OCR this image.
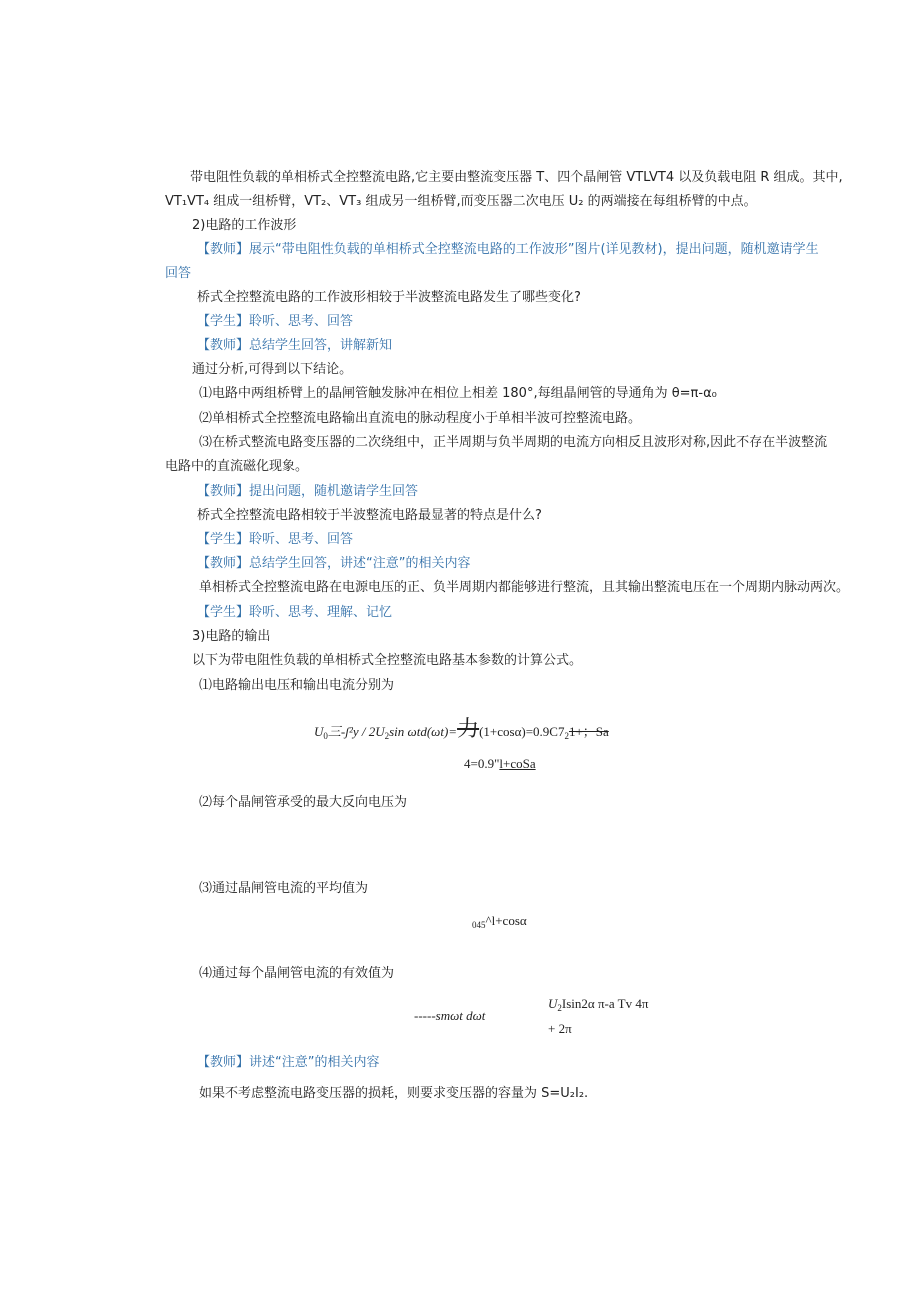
带电阻性负载的单相桥式全控整流电路,它主要由整流变压器 T、四个晶闸管 VTLVT4 以及负载电阻 R 组成。其中,
VT₁VT₄ 组成一组桥臂，VT₂、VT₃ 组成另一组桥臂,而变压器二次电压 U₂ 的两端接在每组桥臂的中点。
2)电路的工作波形
【教师】展示“带电阻性负载的单相桥式全控整流电路的工作波形”图片(详见教材)，提出问题，随机邀请学生
回答
桥式全控整流电路的工作波形相较于半波整流电路发生了哪些变化?
【学生】聆听、思考、回答
【教师】总结学生回答，讲解新知
通过分析,可得到以下结论。
⑴电路中两组桥臂上的晶闸管触发脉冲在相位上相差 180°,每组晶闸管的导通角为 θ=π-α₀
⑵单相桥式全控整流电路输出直流电的脉动程度小于单相半波可控整流电路。
⑶在桥式整流电路变压器的二次绕组中，正半周期与负半周期的电流方向相反且波形对称,因此不存在半波整流
电路中的直流磁化现象。
【教师】提出问题，随机邀请学生回答
桥式全控整流电路相较于半波整流电路最显著的特点是什么?
【学生】聆听、思考、回答
【教师】总结学生回答，讲述“注意”的相关内容
单相桥式全控整流电路在电源电压的正、负半周期内都能够进行整流，且其输出整流电压在一个周期内脉动两次。
【学生】聆听、思考、理解、记忆
3)电路的输出
以下为带电阻性负载的单相桥式全控整流电路基本参数的计算公式。
⑴电路输出电压和输出电流分别为
$U_0$三-ʃ²y / $2U_2\sin$ ωtd(ωt)=力$(1+\cos\alpha)=0.9C7_21+$；Sa
4=0.9"l+coSa
⑵每个晶闸管承受的最大反向电压为
⑶通过晶闸管电流的平均值为
$_{045}$^l+cosα
⑷通过每个晶闸管电流的有效值为
-----smωt dωt
$U_2Isin2\alpha$ π-a Tv 4π
+ 2π
【教师】讲述“注意”的相关内容
如果不考虑整流电路变压器的损耗，则要求变压器的容量为 S=U₂I₂.
